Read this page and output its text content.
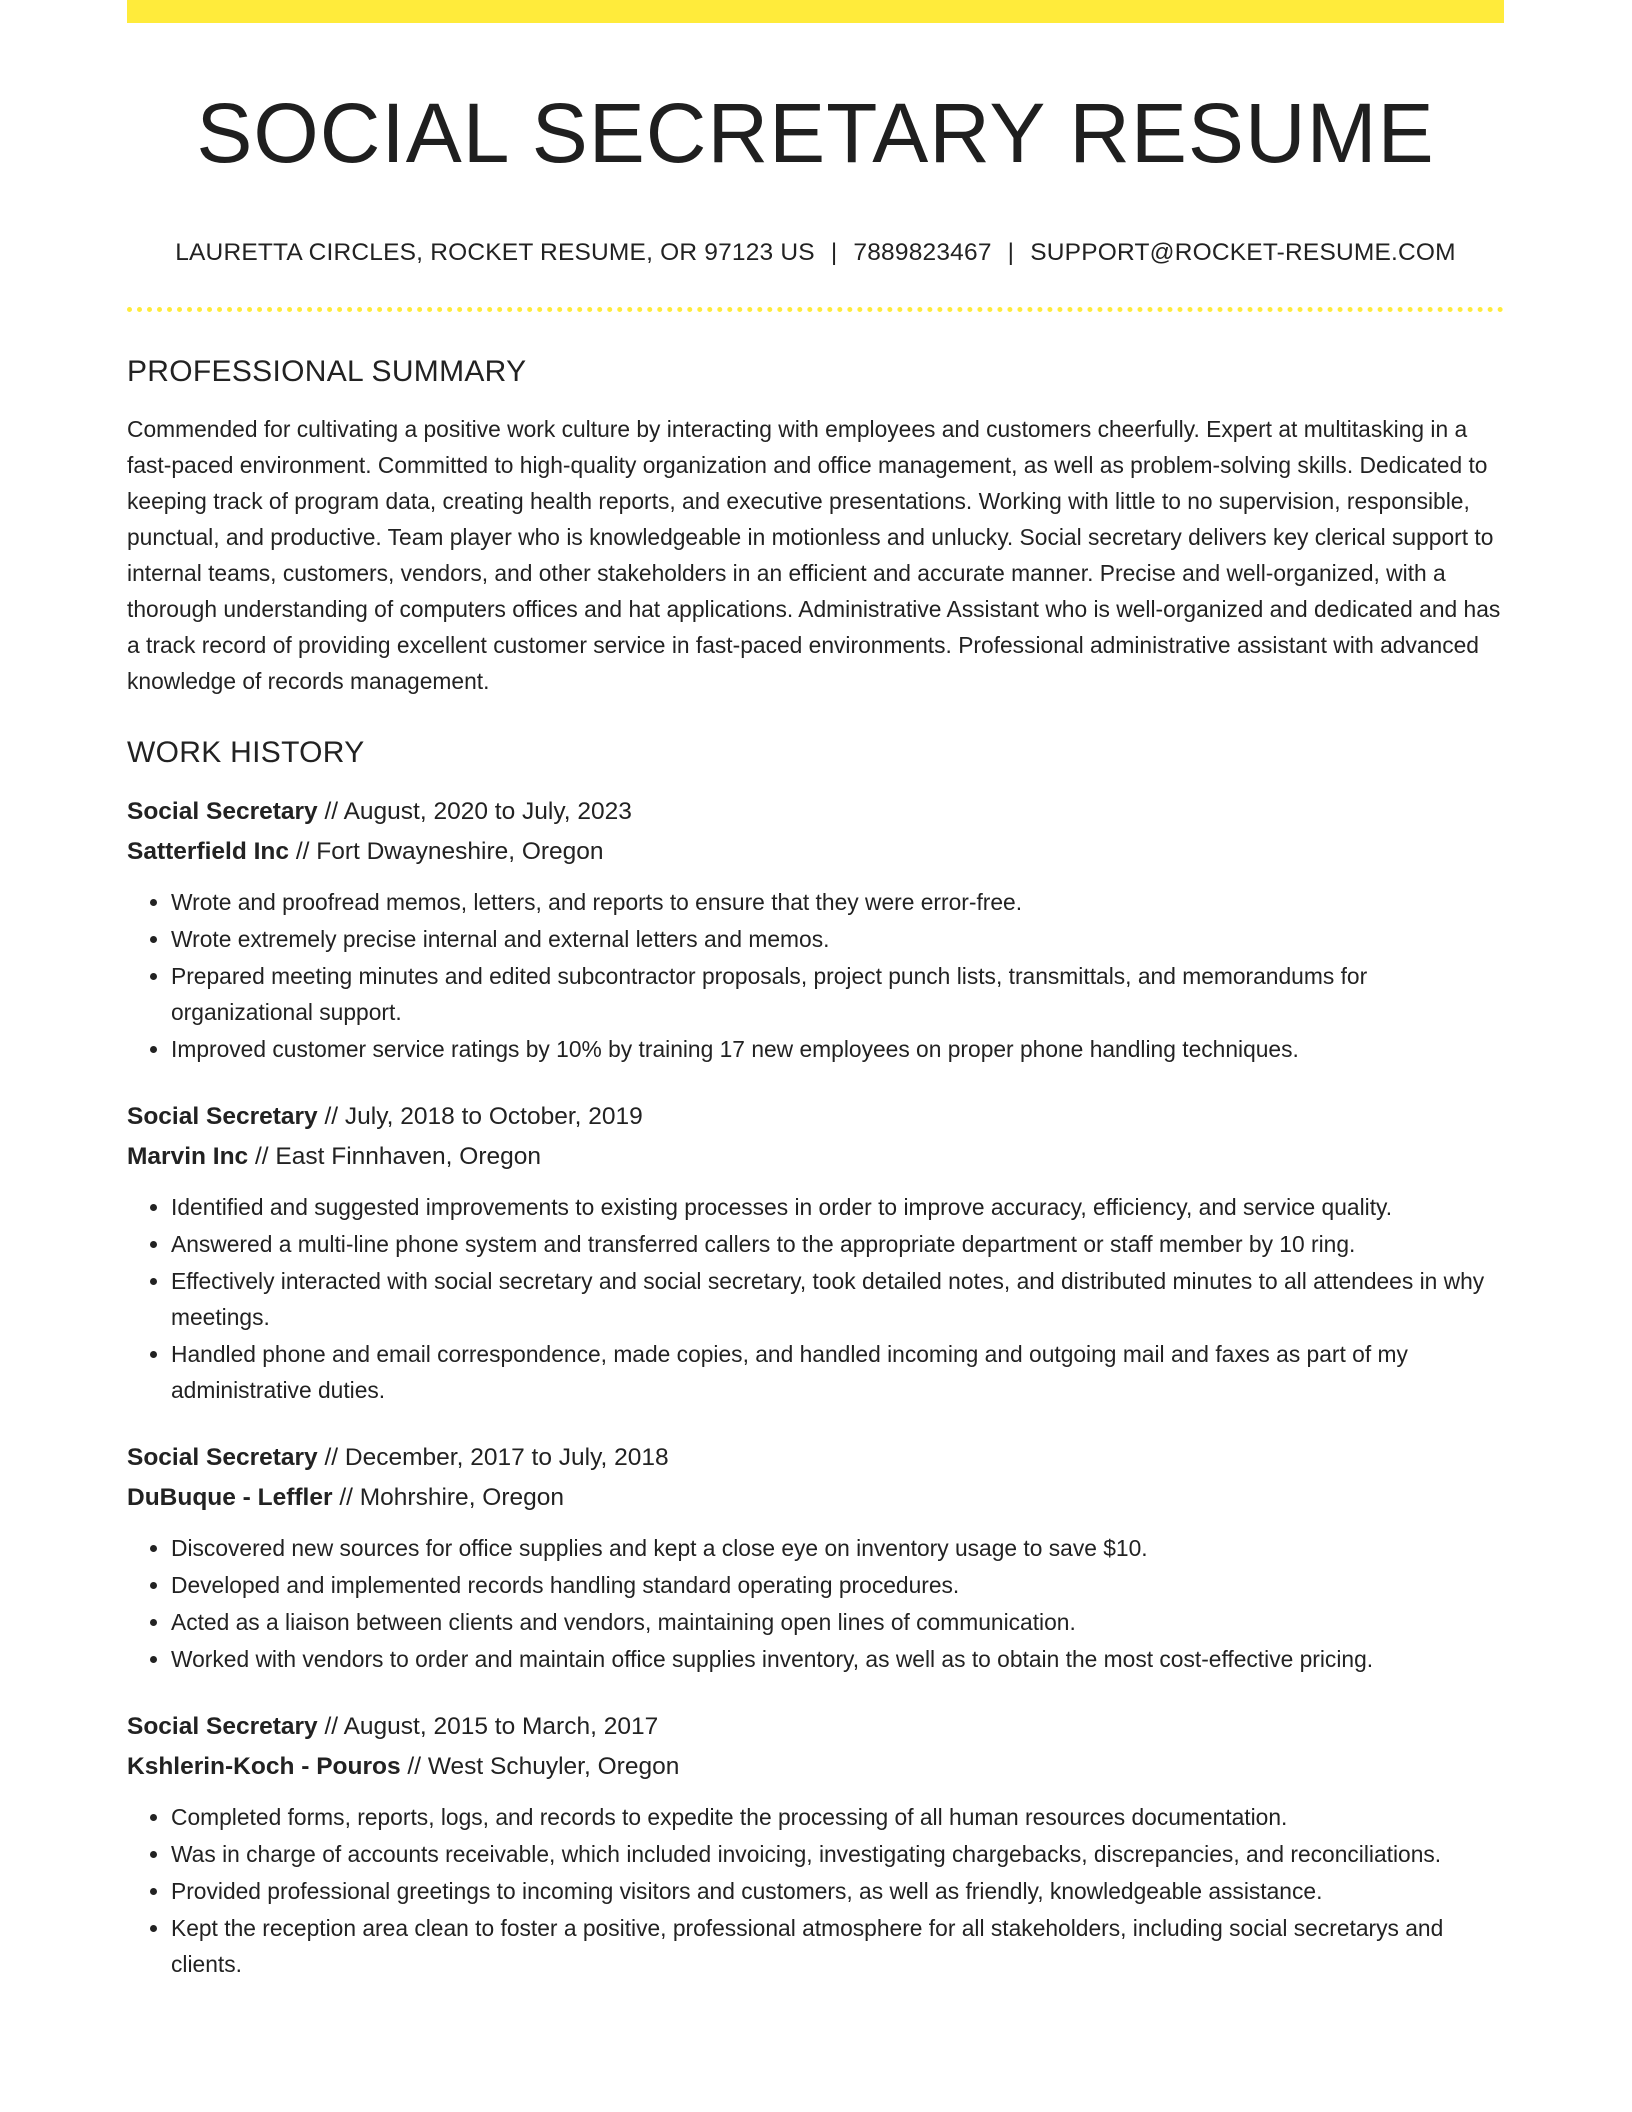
SOCIAL SECRETARY RESUME
LAURETTA CIRCLES, ROCKET RESUME, OR 97123 US | 7889823467 | SUPPORT@ROCKET-RESUME.COM
PROFESSIONAL SUMMARY
Commended for cultivating a positive work culture by interacting with employees and customers cheerfully. Expert at multitasking in a fast-paced environment. Committed to high-quality organization and office management, as well as problem-solving skills. Dedicated to keeping track of program data, creating health reports, and executive presentations. Working with little to no supervision, responsible, punctual, and productive. Team player who is knowledgeable in motionless and unlucky. Social secretary delivers key clerical support to internal teams, customers, vendors, and other stakeholders in an efficient and accurate manner. Precise and well-organized, with a thorough understanding of computers offices and hat applications. Administrative Assistant who is well-organized and dedicated and has a track record of providing excellent customer service in fast-paced environments. Professional administrative assistant with advanced knowledge of records management.
WORK HISTORY
Social Secretary // August, 2020 to July, 2023
Satterfield Inc // Fort Dwayneshire, Oregon
• Wrote and proofread memos, letters, and reports to ensure that they were error-free.
• Wrote extremely precise internal and external letters and memos.
• Prepared meeting minutes and edited subcontractor proposals, project punch lists, transmittals, and memorandums for organizational support.
• Improved customer service ratings by 10% by training 17 new employees on proper phone handling techniques.
Social Secretary // July, 2018 to October, 2019
Marvin Inc // East Finnhaven, Oregon
• Identified and suggested improvements to existing processes in order to improve accuracy, efficiency, and service quality.
• Answered a multi-line phone system and transferred callers to the appropriate department or staff member by 10 ring.
• Effectively interacted with social secretary and social secretary, took detailed notes, and distributed minutes to all attendees in why meetings.
• Handled phone and email correspondence, made copies, and handled incoming and outgoing mail and faxes as part of my administrative duties.
Social Secretary // December, 2017 to July, 2018
DuBuque - Leffler // Mohrshire, Oregon
• Discovered new sources for office supplies and kept a close eye on inventory usage to save $10.
• Developed and implemented records handling standard operating procedures.
• Acted as a liaison between clients and vendors, maintaining open lines of communication.
• Worked with vendors to order and maintain office supplies inventory, as well as to obtain the most cost-effective pricing.
Social Secretary // August, 2015 to March, 2017
Kshlerin-Koch - Pouros // West Schuyler, Oregon
• Completed forms, reports, logs, and records to expedite the processing of all human resources documentation.
• Was in charge of accounts receivable, which included invoicing, investigating chargebacks, discrepancies, and reconciliations.
• Provided professional greetings to incoming visitors and customers, as well as friendly, knowledgeable assistance.
• Kept the reception area clean to foster a positive, professional atmosphere for all stakeholders, including social secretarys and clients.
